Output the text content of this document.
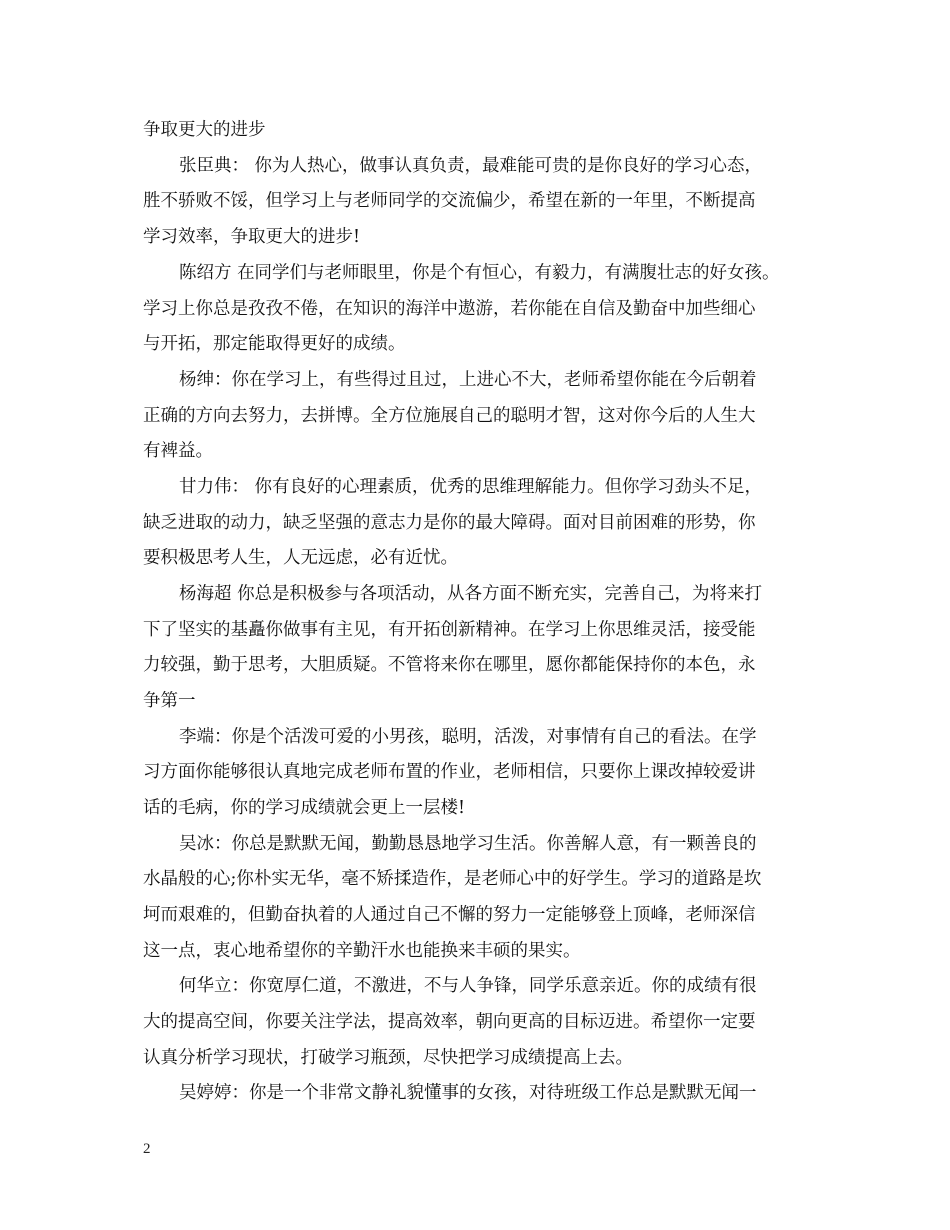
争取更大的进步
张臣典： 你为人热心，做事认真负责，最难能可贵的是你良好的学习心态，
胜不骄败不馁，但学习上与老师同学的交流偏少，希望在新的一年里，不断提高
学习效率，争取更大的进步!
陈绍方 在同学们与老师眼里，你是个有恒心，有毅力，有满腹壮志的好女孩。
学习上你总是孜孜不倦，在知识的海洋中遨游，若你能在自信及勤奋中加些细心
与开拓，那定能取得更好的成绩。
杨绅：你在学习上，有些得过且过，上进心不大，老师希望你能在今后朝着
正确的方向去努力，去拼博。全方位施展自己的聪明才智，这对你今后的人生大
有裨益。
甘力伟： 你有良好的心理素质，优秀的思维理解能力。但你学习劲头不足，
缺乏进取的动力，缺乏坚强的意志力是你的最大障碍。面对目前困难的形势，你
要积极思考人生，人无远虑，必有近忧。
杨海超 你总是积极参与各项活动，从各方面不断充实，完善自己，为将来打
下了坚实的基矗你做事有主见，有开拓创新精神。在学习上你思维灵活，接受能
力较强，勤于思考，大胆质疑。不管将来你在哪里，愿你都能保持你的本色，永
争第一
李端：你是个活泼可爱的小男孩，聪明，活泼，对事情有自己的看法。在学
习方面你能够很认真地完成老师布置的作业，老师相信，只要你上课改掉较爱讲
话的毛病，你的学习成绩就会更上一层楼!
吴冰：你总是默默无闻，勤勤恳恳地学习生活。你善解人意，有一颗善良的
水晶般的心;你朴实无华，毫不矫揉造作，是老师心中的好学生。学习的道路是坎
坷而艰难的，但勤奋执着的人通过自己不懈的努力一定能够登上顶峰，老师深信
这一点，衷心地希望你的辛勤汗水也能换来丰硕的果实。
何华立：你宽厚仁道，不激进，不与人争锋，同学乐意亲近。你的成绩有很
大的提高空间，你要关注学法，提高效率，朝向更高的目标迈进。希望你一定要
认真分析学习现状，打破学习瓶颈，尽快把学习成绩提高上去。
吴婷婷：你是一个非常文静礼貌懂事的女孩，对待班级工作总是默默无闻一
2
